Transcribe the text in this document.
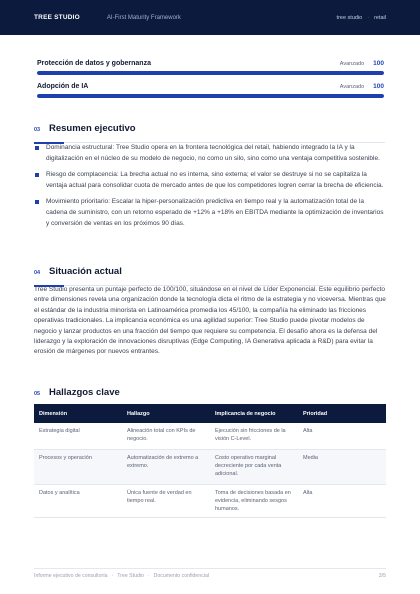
TREE STUDIO	AI-First Maturity Framework	tree studio · retail
Protección de datos y gobernanza	Avanzado 100
Adopción de IA	Avanzado 100
03 Resumen ejecutivo
Dominancia estructural: Tree Studio opera en la frontera tecnológica del retail, habiendo integrado la IA y la digitalización en el núcleo de su modelo de negocio, no como un silo, sino como una ventaja competitiva sostenible.
Riesgo de complacencia: La brecha actual no es interna, sino externa; el valor se destruye si no se capitaliza la ventaja actual para consolidar cuota de mercado antes de que los competidores logren cerrar la brecha de eficiencia.
Movimiento prioritario: Escalar la hiper-personalización predictiva en tiempo real y la automatización total de la cadena de suministro, con un retorno esperado de +12% a +18% en EBITDA mediante la optimización de inventarios y conversión de ventas en los próximos 90 días.
04 Situación actual

Tree Studio presenta un puntaje perfecto de 100/100, situándose en el nivel de Líder Exponencial. Este equilibrio perfecto entre dimensiones revela una organización donde la tecnología dicta el ritmo de la estrategia y no viceversa. Mientras que el estándar de la industria minorista en Latinoamérica promedia los 45/100, la compañía ha eliminado las fricciones operativas tradicionales. La implicancia económica es una agilidad superior: Tree Studio puede pivotar modelos de negocio y lanzar productos en una fracción del tiempo que requiere su competencia. El desafío ahora es la defensa del liderazgo y la exploración de innovaciones disruptivas (Edge Computing, IA Generativa aplicada a R&D) para evitar la erosión de márgenes por nuevos entrantes.

05 Hallazgos clave
Dimensión	Hallazgo	Implicancia de negocio	Prioridad
Estrategia digital	Alineación total con KPIs de negocio.	Ejecución sin fricciones de la visión C-Level.	Alta
Procesos y operación	Automatización de extremo a extremo.	Costo operativo marginal decreciente por cada venta adicional.	Media
Datos y analítica	Única fuente de verdad en tiempo real.	Toma de decisiones basada en evidencia, eliminando sesgos humanos.	Alta
Informe ejecutivo de consultoría · Tree Studio · Documento confidencial	3/5
